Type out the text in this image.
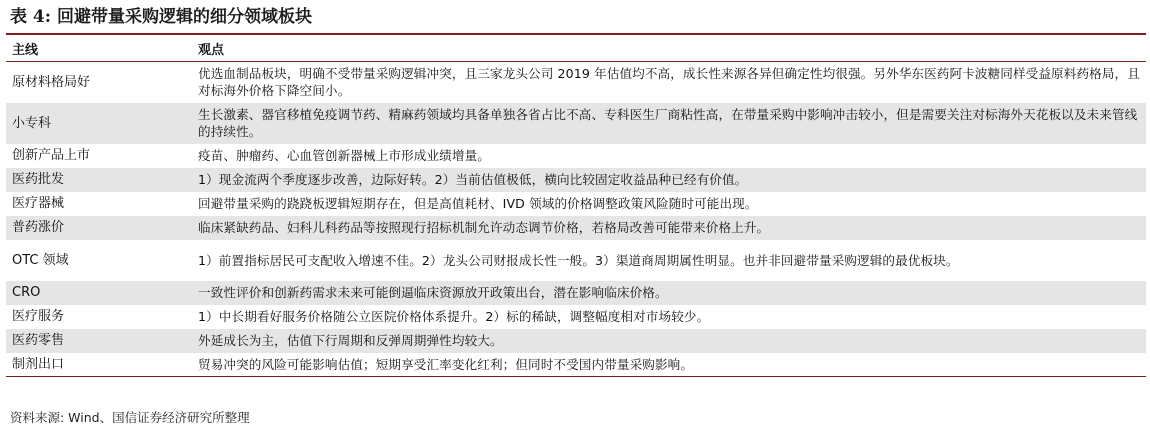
表 4: 回避带量采购逻辑的细分领域板块
主线	观点
原材料格局好	优选血制品板块，明确不受带量采购逻辑冲突，且三家龙头公司 2019 年估值均不高，成长性来源各异但确定性均很强。另外华东医药阿卡波糖同样受益原料药格局，且对标海外价格下降空间小。
小专科	生长激素、器官移植免疫调节药、精麻药领域均具备单独各省占比不高、专科医生厂商粘性高，在带量采购中影响冲击较小，但是需要关注对标海外天花板以及未来管线的持续性。
创新产品上市	疫苗、肿瘤药、心血管创新器械上市形成业绩增量。
医药批发	1）现金流两个季度逐步改善，边际好转。2）当前估值极低，横向比较固定收益品种已经有价值。
医疗器械	回避带量采购的跷跷板逻辑短期存在，但是高值耗材、IVD 领域的价格调整政策风险随时可能出现。
普药涨价	临床紧缺药品、妇科儿科药品等按照现行招标机制允许动态调节价格，若格局改善可能带来价格上升。
OTC 领域	1）前置指标居民可支配收入增速不佳。2）龙头公司财报成长性一般。3）渠道商周期属性明显。也并非回避带量采购逻辑的最优板块。
CRO	一致性评价和创新药需求未来可能倒逼临床资源放开政策出台，潜在影响临床价格。
医疗服务	1）中长期看好服务价格随公立医院价格体系提升。2）标的稀缺，调整幅度相对市场较少。
医药零售	外延成长为主，估值下行周期和反弹周期弹性均较大。
制剂出口	贸易冲突的风险可能影响估值；短期享受汇率变化红利；但同时不受国内带量采购影响。
资料来源: Wind、国信证券经济研究所整理
